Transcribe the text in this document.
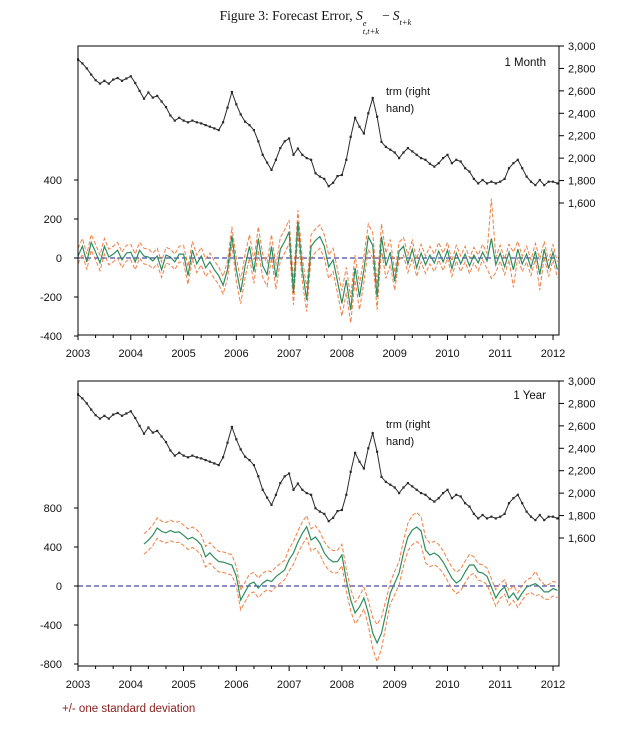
Figure 3: Forecast Error, S e
t,t+k
− $S_{t+k}$
400
200
0
-200
-400
3,000
2,800
2,600
2,400
2,200
2,000
1,800
1,600
2003	2004	2005	2006	2007	2008	2009	2010	2011	2012
1 Month
trm (right
hand)
800
400
0
-400
-800
3,000
2,800
2,600
2,400
2,200
2,000
1,800
1,600
2003	2004	2005	2006	2007	2008	2009	2010	2011	2012
1 Year
trm (right
hand)
+/- one standard deviation
